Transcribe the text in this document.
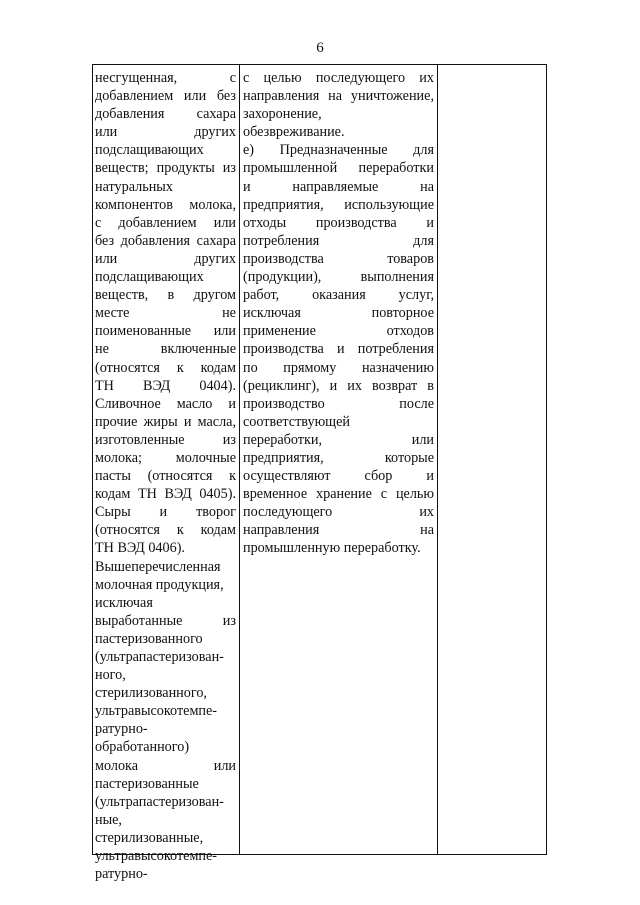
6
несгущенная, с
добавлением или без
добавления сахара
или других
подслащивающих
веществ; продукты из
натуральных
компонентов молока,
с добавлением или
без добавления сахара
или других
подслащивающих
веществ, в другом
месте не
поименованные или
не включенные
(относятся к кодам
ТН ВЭД 0404).
Сливочное масло и
прочие жиры и масла,
изготовленные из
молока; молочные
пасты (относятся к
кодам ТН ВЭД 0405).
Сыры и творог
(относятся к кодам
ТН ВЭД 0406).
Вышеперечисленная
молочная продукция,
исключая
выработанные из
пастеризованного
(ультрапастеризован-
ного,
стерилизованного,
ультравысокотемпе-
ратурно-
обработанного)
молока или
пастеризованные
(ультрапастеризован-
ные,
стерилизованные,
ультравысокотемпе-
ратурно-
с целью последующего их
направления на уничтожение,
захоронение,
обезвреживание.
е) Предназначенные для
промышленной переработки
и направляемые на
предприятия, использующие
отходы производства и
потребления для
производства товаров
(продукции), выполнения
работ, оказания услуг,
исключая повторное
применение отходов
производства и потребления
по прямому назначению
(рециклинг), и их возврат в
производство после
соответствующей
переработки, или
предприятия, которые
осуществляют сбор и
временное хранение с целью
последующего их
направления на
промышленную переработку.
